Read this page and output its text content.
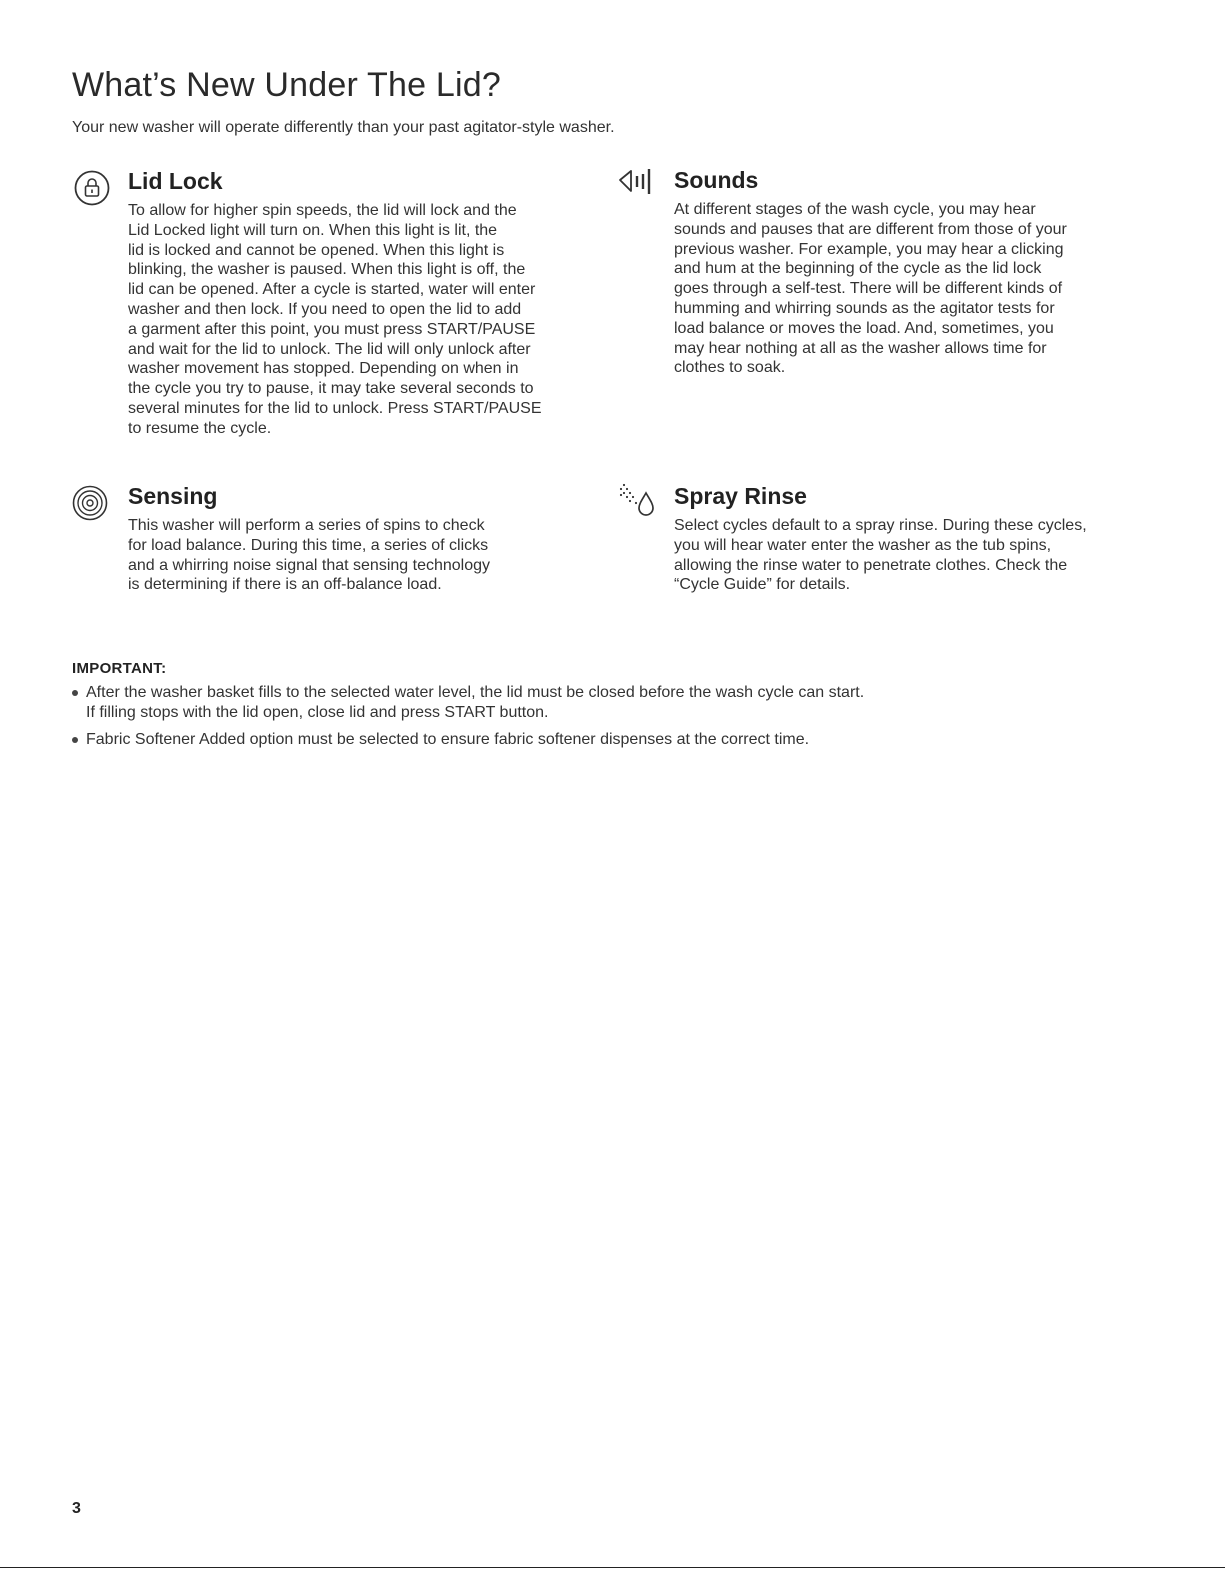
What’s New Under The Lid?

Your new washer will operate differently than your past agitator-style washer.

Lid Lock

To allow for higher spin speeds, the lid will lock and the
Lid Locked light will turn on. When this light is lit, the
lid is locked and cannot be opened. When this light is
blinking, the washer is paused. When this light is off, the
lid can be opened. After a cycle is started, water will enter
washer and then lock. If you need to open the lid to add
a garment after this point, you must press START/PAUSE
and wait for the lid to unlock. The lid will only unlock after
washer movement has stopped. Depending on when in
the cycle you try to pause, it may take several seconds to
several minutes for the lid to unlock. Press START/PAUSE
to resume the cycle.

Sounds

At different stages of the wash cycle, you may hear
sounds and pauses that are different from those of your
previous washer. For example, you may hear a clicking
and hum at the beginning of the cycle as the lid lock
goes through a self-test. There will be different kinds of
humming and whirring sounds as the agitator tests for
load balance or moves the load. And, sometimes, you
may hear nothing at all as the washer allows time for
clothes to soak.

Sensing

This washer will perform a series of spins to check
for load balance. During this time, a series of clicks
and a whirring noise signal that sensing technology
is determining if there is an off-balance load.

Spray Rinse

Select cycles default to a spray rinse. During these cycles,
you will hear water enter the washer as the tub spins,
allowing the rinse water to penetrate clothes. Check the
“Cycle Guide” for details.

IMPORTANT:
After the washer basket fills to the selected water level, the lid must be closed before the wash cycle can start.
If filling stops with the lid open, close lid and press START button.
Fabric Softener Added option must be selected to ensure fabric softener dispenses at the correct time.
3
